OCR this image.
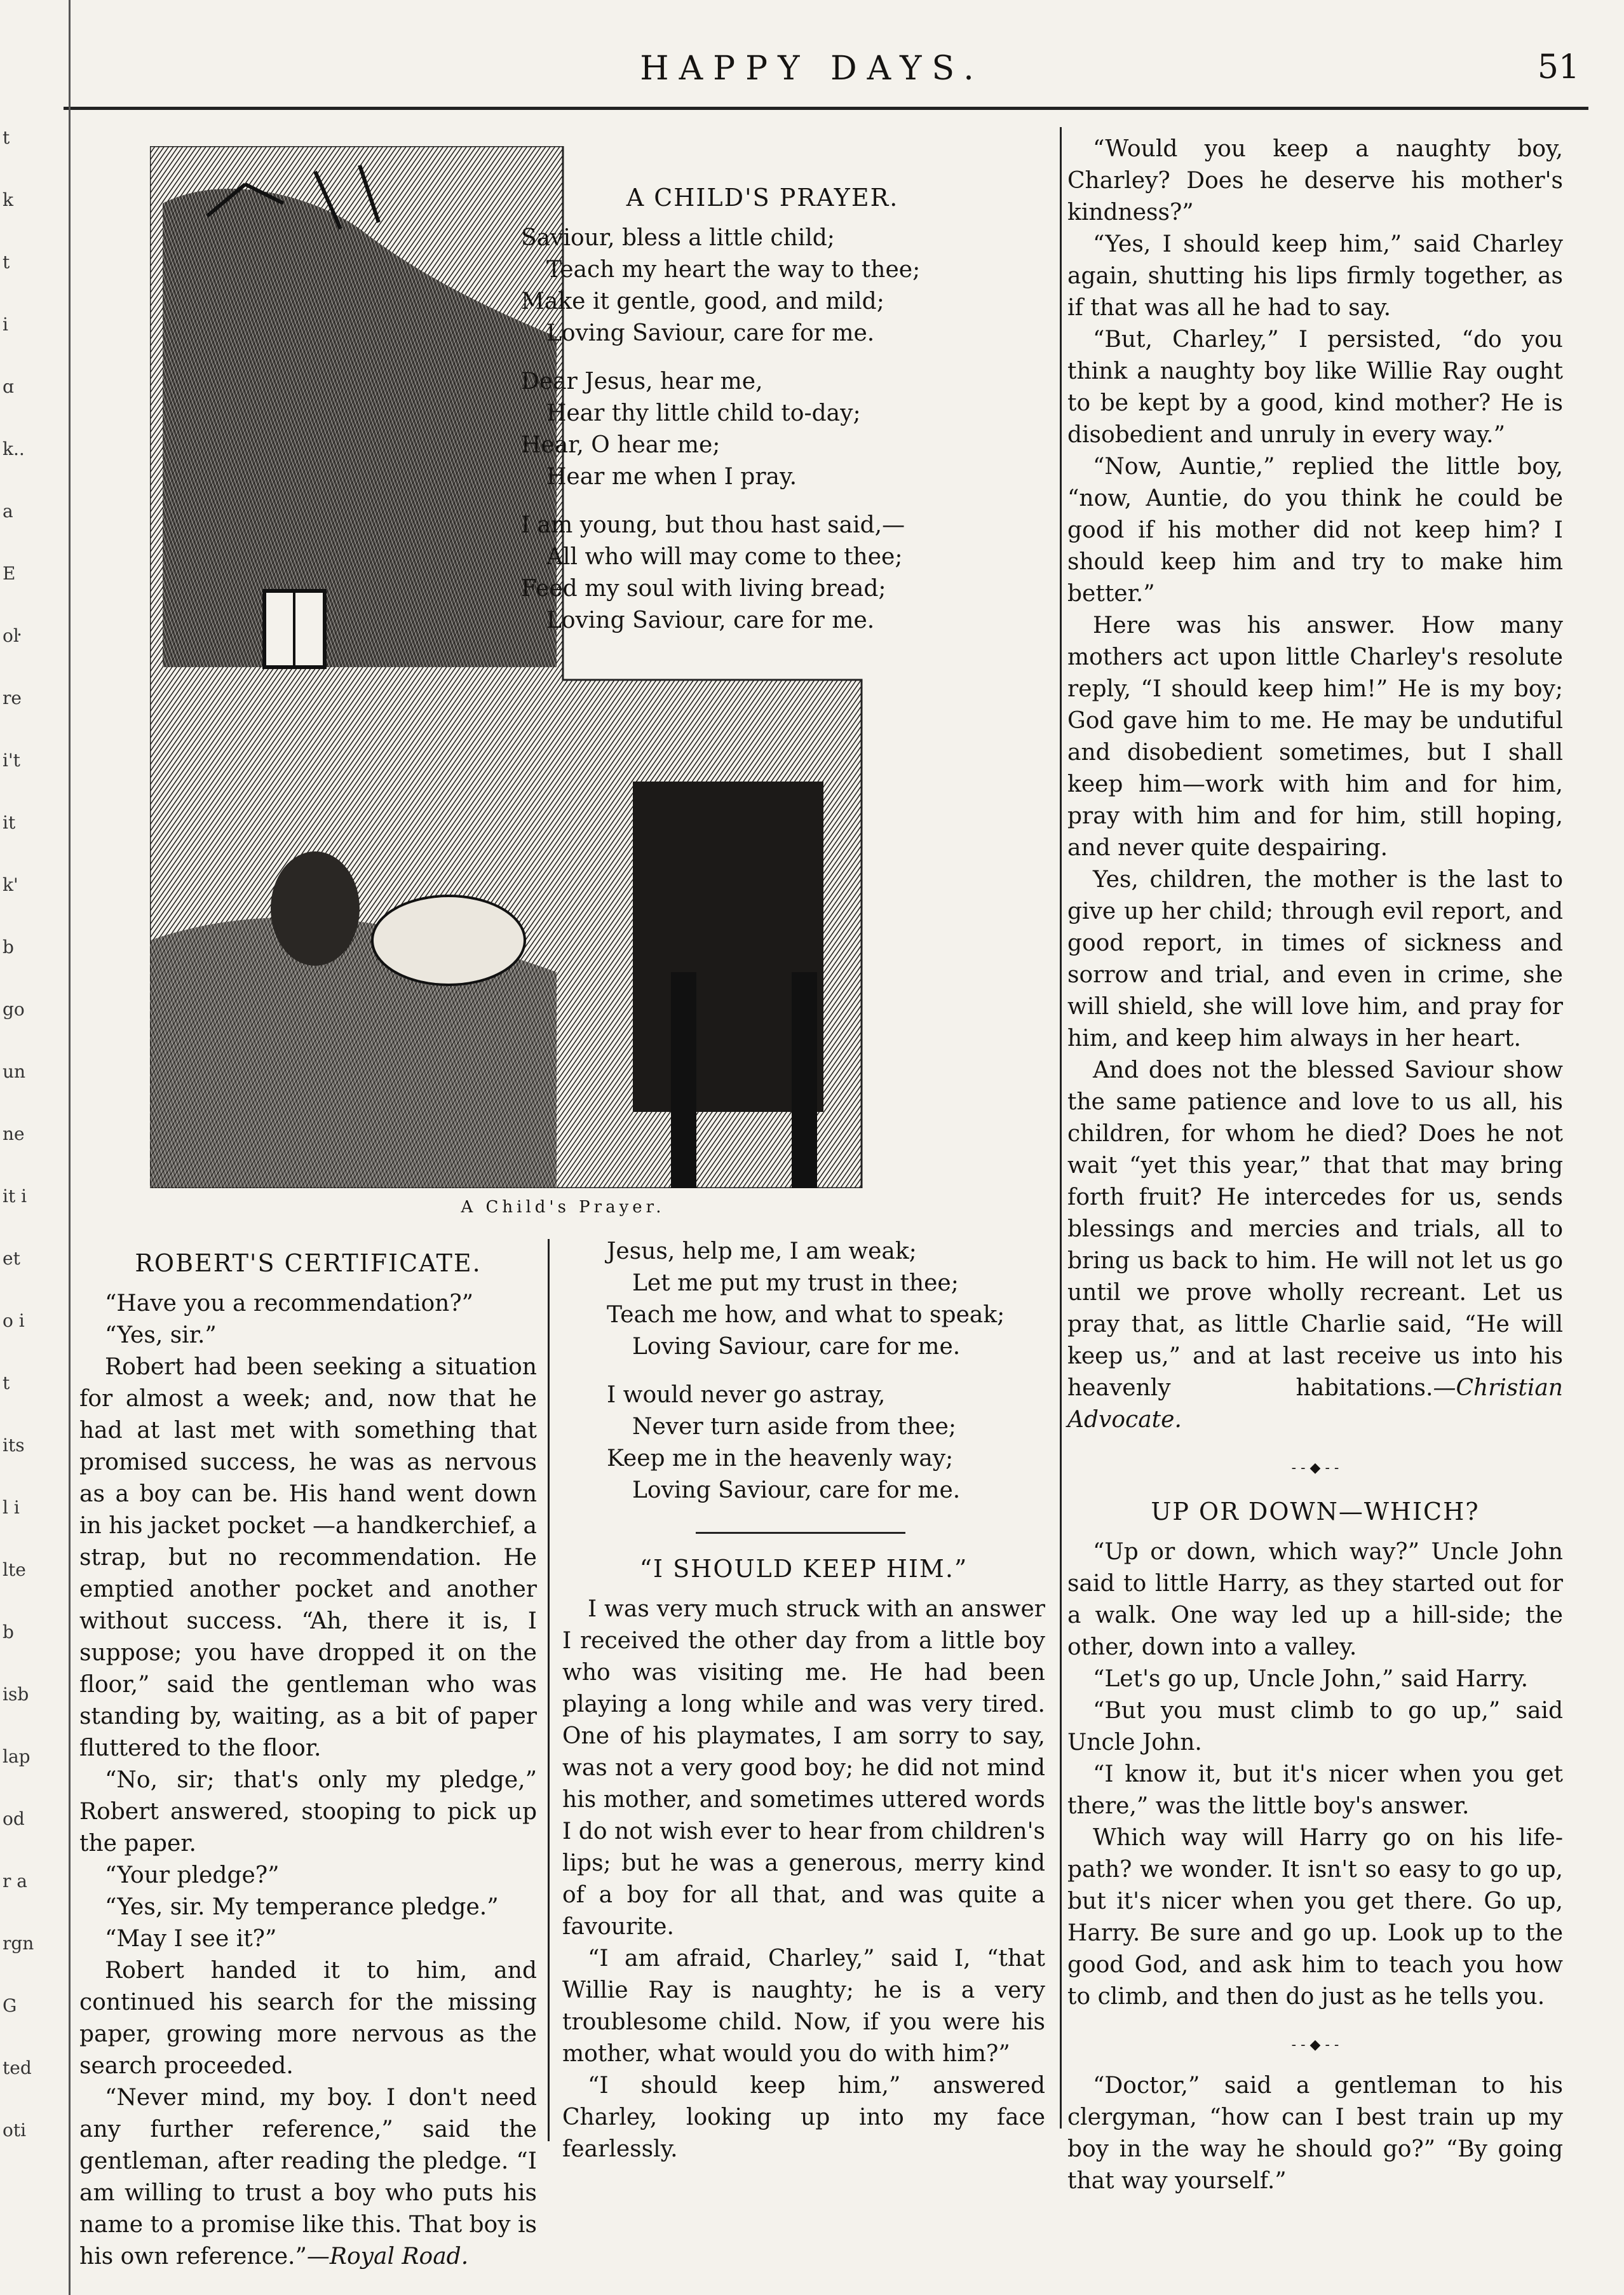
HAPPY DAYS.	51
t
k
t
i
ɑ
k..
a
E
oŀ
re
i't
it
k'
b
go
un
ne
it i
et
o i
t
its
l i
lte
b
isb
lap
od
r a
rgn
G
ted
oti
A Child's Prayer.
A CHILD'S PRAYER.
Saviour, bless a little child;
Teach my heart the way to thee;
Make it gentle, good, and mild;
Loving Saviour, care for me.
Dear Jesus, hear me,
Hear thy little child to-day;
Hear, O hear me;
Hear me when I pray.
I am young, but thou hast said,—
All who will may come to thee;
Feed my soul with living bread;
Loving Saviour, care for me.
ROBERT'S CERTIFICATE.

“Have you a recommendation?”

“Yes, sir.”

Robert had been seeking a situation for almost a week; and, now that he had at last met with something that promised success, he was as nervous as a boy can be. His hand went down in his jacket pocket —a handkerchief, a strap, but no recommendation. He emptied another pocket and another without success. “Ah, there it is, I suppose; you have dropped it on the floor,” said the gentleman who was standing by, waiting, as a bit of paper fluttered to the floor.

“No, sir; that's only my pledge,” Robert answered, stooping to pick up the paper.

“Your pledge?”

“Yes, sir. My temperance pledge.”

“May I see it?”

Robert handed it to him, and continued his search for the missing paper, growing more nervous as the search proceeded.

“Never mind, my boy. I don't need any further reference,” said the gentleman, after reading the pledge. “I am willing to trust a boy who puts his name to a promise like this. That boy is his own reference.”—Royal Road.

Jesus, help me, I am weak;
Let me put my trust in thee;
Teach me how, and what to speak;
Loving Saviour, care for me.
I would never go astray,
Never turn aside from thee;
Keep me in the heavenly way;
Loving Saviour, care for me.
“I SHOULD KEEP HIM.”

I was very much struck with an answer I received the other day from a little boy who was visiting me. He had been playing a long while and was very tired. One of his playmates, I am sorry to say, was not a very good boy; he did not mind his mother, and sometimes uttered words I do not wish ever to hear from children's lips; but he was a generous, merry kind of a boy for all that, and was quite a favourite.

“I am afraid, Charley,” said I, “that Willie Ray is naughty; he is a very troublesome child. Now, if you were his mother, what would you do with him?”

“I should keep him,” answered Charley, looking up into my face fearlessly.

“Would you keep a naughty boy, Charley? Does he deserve his mother's kindness?”

“Yes, I should keep him,” said Charley again, shutting his lips firmly together, as if that was all he had to say.

“But, Charley,” I persisted, “do you think a naughty boy like Willie Ray ought to be kept by a good, kind mother? He is disobedient and unruly in every way.”

“Now, Auntie,” replied the little boy, “now, Auntie, do you think he could be good if his mother did not keep him? I should keep him and try to make him better.”

Here was his answer. How many mothers act upon little Charley's resolute reply, “I should keep him!” He is my boy; God gave him to me. He may be undutiful and disobedient sometimes, but I shall keep him—work with him and for him, pray with him and for him, still hoping, and never quite despairing.

Yes, children, the mother is the last to give up her child; through evil report, and good report, in times of sickness and sorrow and trial, and even in crime, she will shield, she will love him, and pray for him, and keep him always in her heart.

And does not the blessed Saviour show the same patience and love to us all, his children, for whom he died? Does he not wait “yet this year,” that that may bring forth fruit? He intercedes for us, sends blessings and mercies and trials, all to bring us back to him. He will not let us go until we prove wholly recreant. Let us pray that, as little Charlie said, “He will keep us,” and at last receive us into his heavenly habitations.—Christian Advocate.

- - ◆ - -
UP OR DOWN—WHICH?

“Up or down, which way?” Uncle John said to little Harry, as they started out for a walk. One way led up a hill-side; the other, down into a valley.

“Let's go up, Uncle John,” said Harry.

“But you must climb to go up,” said Uncle John.

“I know it, but it's nicer when you get there,” was the little boy's answer.

Which way will Harry go on his life-path? we wonder. It isn't so easy to go up, but it's nicer when you get there. Go up, Harry. Be sure and go up. Look up to the good God, and ask him to teach you how to climb, and then do just as he tells you.

- - ◆ - -

“Doctor,” said a gentleman to his clergyman, “how can I best train up my boy in the way he should go?” “By going that way yourself.”
